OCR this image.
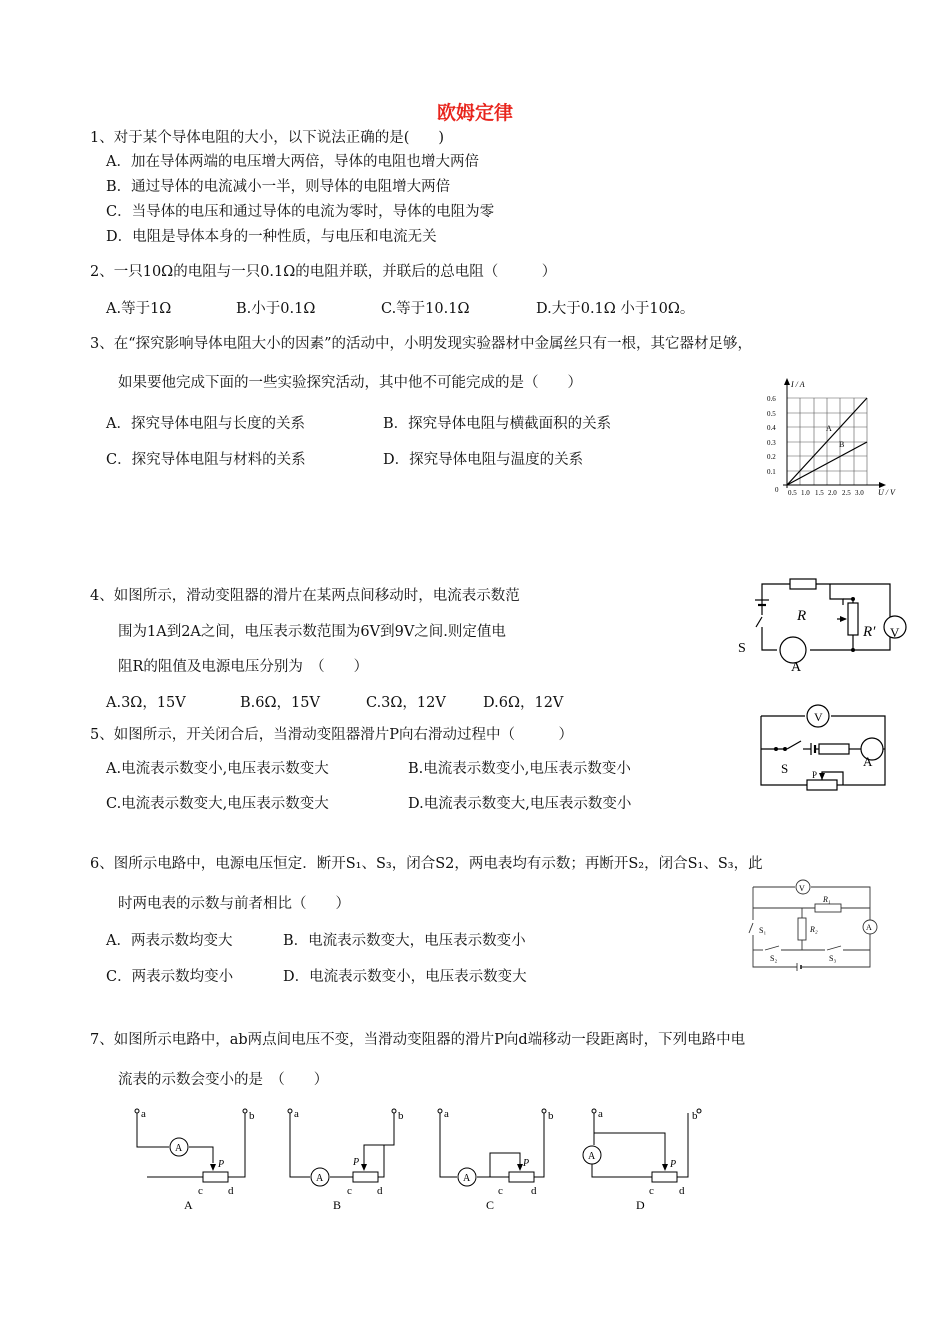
欧姆定律
1、对于某个导体电阻的大小，以下说法正确的是(　　)
A．加在导体两端的电压增大两倍，导体的电阻也增大两倍
B．通过导体的电流减小一半，则导体的电阻增大两倍
C．当导体的电压和通过导体的电流为零时，导体的电阻为零
D．电阻是导体本身的一种性质，与电压和电流无关
2、一只10Ω的电阻与一只0.1Ω的电阻并联，并联后的总电阻（　　　）
A.等于1Ω	B.小于0.1Ω	C.等于10.1Ω	D.大于0.1Ω 小于10Ω。
3、在“探究影响导体电阻大小的因素”的活动中，小明发现实验器材中金属丝只有一根，其它器材足够，
如果要他完成下面的一些实验探究活动，其中他不可能完成的是（　　）
A．探究导体电阻与长度的关系	B．探究导体电阻与横截面积的关系
C．探究导体电阻与材料的关系	D．探究导体电阻与温度的关系
I / A
0.6
0.5
0.4
0.3
0.2
0.1
0 0.5 1.0 1.5 2.0 2.5 3.0 U / V
A
B
4、如图所示，滑动变阻器的滑片在某两点间移动时，电流表示数范
围为1A到2A之间，电压表示数范围为6V到9V之间.则定值电
阻R的阻值及电源电压分别为　（　　）
A.3Ω，15V	B.6Ω，15V	C.3Ω，12V	D.6Ω，12V
R
R′ V
S
A
5、如图所示，开关闭合后，当滑动变阻器滑片P向右滑动过程中（　　　）
A.电流表示数变小,电压表示数变大	B.电流表示数变小,电压表示数变小
C.电流表示数变大,电压表示数变大	D.电流表示数变大,电压表示数变小
V
S	A
P
6、图所示电路中，电源电压恒定．断开S₁、S₃，闭合S2，两电表均有示数；再断开S₂，闭合S₁、S₃，此
时两电表的示数与前者相比（　　）
A．两表示数均变大	B．电流表示数变大，电压表示数变小
C．两表示数均变小	D．电流表示数变小，电压表示数变大
V
R₁
R₂
S₁
S₂	S₃
A
7、如图所示电路中，ab两点间电压不变，当滑动变阻器的滑片P向d端移动一段距离时，下列电路中电
流表的示数会变小的是　（　　）
a	b
A
P
c d
A
a	b
A
P
c d
B
a	b
A
P
c	d
C
a	b
A
P
c d
D
